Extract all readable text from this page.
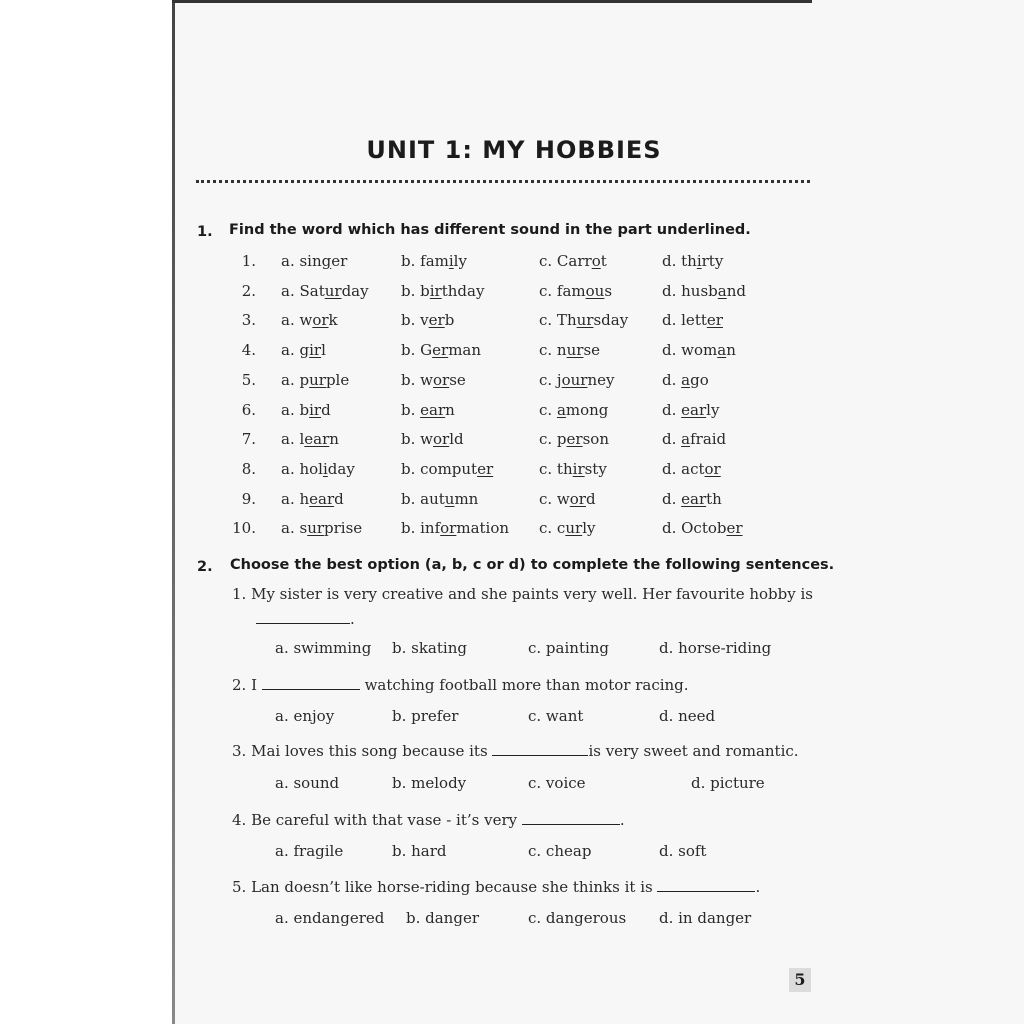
UNIT 1: MY HOBBIES
1. Find the word which has different sound in the part underlined.
1. a. singer	b. family	c. Carrot	d. thirty
2. a. Saturday b. birthday	c. famous	d. husband
3. a. work	b. verb	c. Thursday d. letter
4. a. girl	b. German	c. nurse	d. woman
5. a. purple	b. worse	c. journey	d. ago
6. a. bird	b. earn	c. among	d. early
7. a. learn	b. world	c. person	d. afraid
8. a. holiday	b. computer	c. thirsty	d. actor
9. a. heard	b. autumn	c. word	d. earth
10. a. surprise	b. information c. curly	d. October
2. Choose the best option (a, b, c or d) to complete the following sentences.
1. My sister is very creative and she paints very well. Her favourite hobby is
.
a. swimming b. skating	c. painting	d. horse-riding
2. I	watching football more than motor racing.
a. enjoy	b. prefer	c. want	d. need
3. Mai loves this song because its	is very sweet and romantic.
a. sound	b. melody	c. voice	d. picture
4. Be careful with that vase - it’s very	.
a. fragile	b. hard	c. cheap	d. soft
5. Lan doesn’t like horse-riding because she thinks it is	.
a. endangered b. danger	c. dangerous d. in danger
5
